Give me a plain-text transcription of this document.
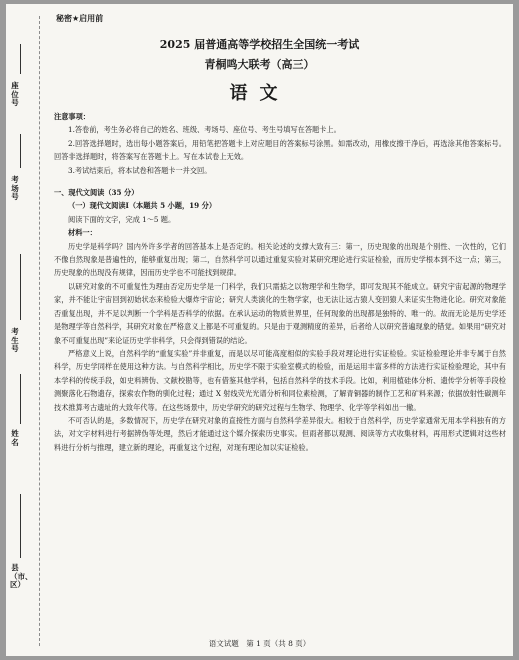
座位号
考场号
考生号
姓名
县（市、区）
秘密★启用前
2025 届普通高等学校招生全国统一考试
青桐鸣大联考（高三）
语文

注意事项：

1.答卷前，考生务必将自己的姓名、班级、考场号、座位号、考生号填写在答题卡上。

2.回答选择题时，选出每小题答案后，用铅笔把答题卡上对应题目的答案标号涂黑。如需改动，用橡皮擦干净后，再选涂其他答案标号。回答非选择题时，将答案写在答题卡上。写在本试卷上无效。

3.考试结束后，将本试卷和答题卡一并交回。

一、现代文阅读（35 分）

（一）现代文阅读Ⅰ（本题共 5 小题，19 分）

阅读下面的文字，完成 1～5 题。

材料一：

历史学是科学吗？国内外许多学者的回答基本上是否定的。相关论述的支撑大致有三：第一，历史现象的出现是个别性、一次性的，它们不像自然现象是普遍性的，能够重复出现；第二，自然科学可以通过重复实验对某研究理论进行实证检验，而历史学根本到不这一点；第三，历史现象的出现没有规律，因而历史学也不可能找到规律。

以研究对象的不可重复性为理由否定历史学是一门科学，我们只需掂之以物理学和生物学，即可发现其不能成立。研究宇宙起源的物理学家，并不能让宇宙回到初始状态来检验大爆炸宇宙论；研究人类演化的生物学家，也无法让远古猿人变回猿人来证实生物进化论。研究对象能否重复出现，并不足以判断一个学科是否科学的依据。在承认运动的物质世界里，任何现象的出现都是独特的、唯一的。故而无论是历史学还是物理学等自然科学，其研究对象在严格意义上都是不可重复的。只是由于观测精度的差异，后者给人以研究普遍现象的错觉。如果用“研究对象不可重复出现”来论证历史学非科学，只会得到错误的结论。

严格意义上说，自然科学的“重复实验”并非重复，而是以尽可能高度相似的实验手段对理论进行实证检验。实证检验理论并非专属于自然科学，历史学同样在使用这种方法。与自然科学相比，历史学不限于实验室模式的检验，而是运用丰富多样的方法进行实证检验理论，其中有本学科的传统手段，如史料辨伪、文献校勘等，也有借鉴其他学科，包括自然科学的技术手段。比如，利用植硅体分析、遗传学分析等手段检测聚落化石物遗存，探索农作物的驯化过程；通过 X 射线荧光光谱分析和同位素检测，了解青铜器的制作工艺和矿料来源；依据放射性碳测年技术推算考古遗址的大致年代等。在这些场景中，历史学研究的研究过程与生物学、物理学、化学等学科如出一辙。

不可否认的是，多数情况下，历史学在研究对象的直接性方面与自然科学差异很大。相较于自然科学，历史学家通常无用本学科独有的方法，对文字材料进行考据辨伪等处理，然后才能通过这个媒介探索历史事实。但雨者都以观测、阅读等方式收集材料，再用形式逻辑对这些材料进行分析与推理，建立新的理论，再重复这个过程，对现有理论加以实证检验。

语文试题　第 1 页（共 8 页）
